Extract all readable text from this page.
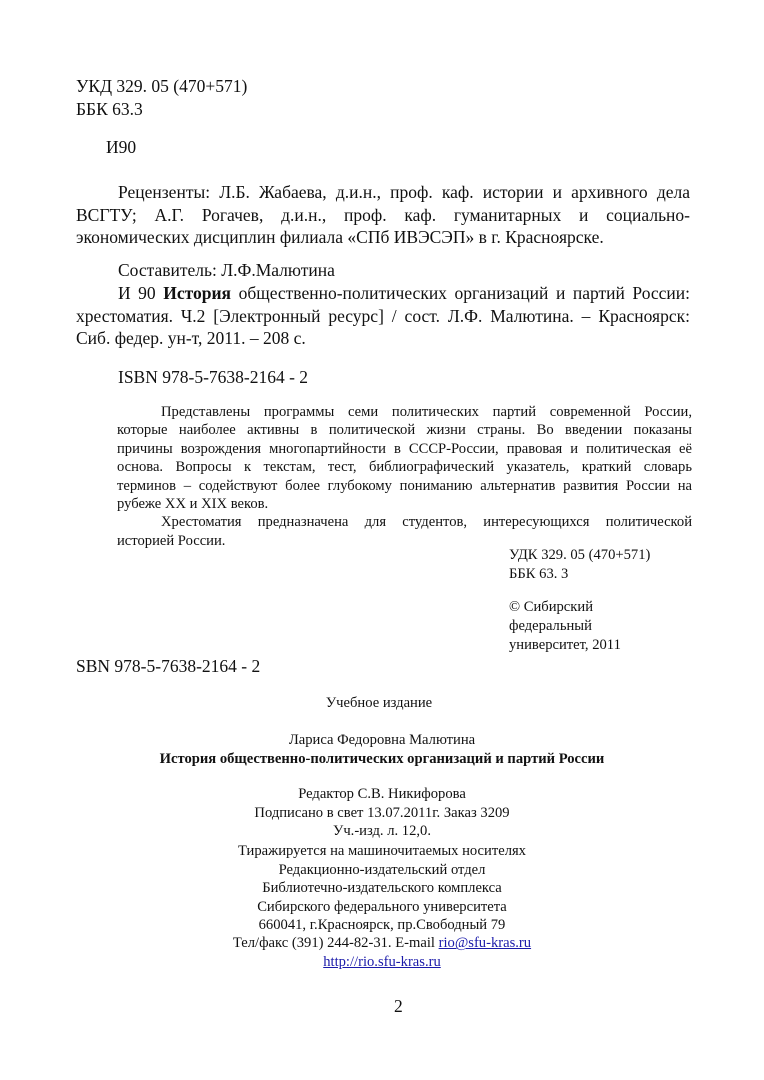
УКД 329. 05 (470+571)
ББК 63.3
И90
Рецензенты: Л.Б. Жабаева, д.и.н., проф. каф. истории и архивного дела
ВСГТУ; А.Г. Рогачев, д.и.н., проф. каф. гуманитарных и социально-
экономических дисциплин филиала «СПб ИВЭСЭП» в г. Красноярске.
Составитель: Л.Ф.Малютина
И 90 История общественно-политических организаций и партий России:
хрестоматия. Ч.2 [Электронный ресурс] / сост. Л.Ф. Малютина. – Красноярск:
Сиб. федер. ун-т, 2011. – 208 с.
ISBN 978-5-7638-2164 - 2
Представлены программы семи политических партий современной России,
которые наиболее активны в политической жизни страны. Во введении показаны
причины возрождения многопартийности в СССР-России, правовая и политическая её
основа. Вопросы к текстам, тест, библиографический указатель, краткий словарь
терминов – содействуют более глубокому пониманию альтернатив развития России на
рубеже XX и XIX веков.
Хрестоматия предназначена для студентов, интересующихся политической
историей России.
УДК 329. 05 (470+571)
ББК 63. 3
© Сибирский
федеральный
университет, 2011
SBN 978-5-7638-2164 - 2
Учебное издание
Лариса Федоровна Малютина
История общественно-политических организаций и партий России
Редактор С.В. Никифорова
Подписано в свет 13.07.2011г. Заказ 3209
Уч.-изд. л. 12,0.
Тиражируется на машиночитаемых носителях
Редакционно-издательский отдел
Библиотечно-издательского комплекса
Сибирского федерального университета
660041, г.Красноярск, пр.Свободный 79
Тел/факс (391) 244-82-31. E-mail rio@sfu-kras.ru
http://rio.sfu-kras.ru
2
